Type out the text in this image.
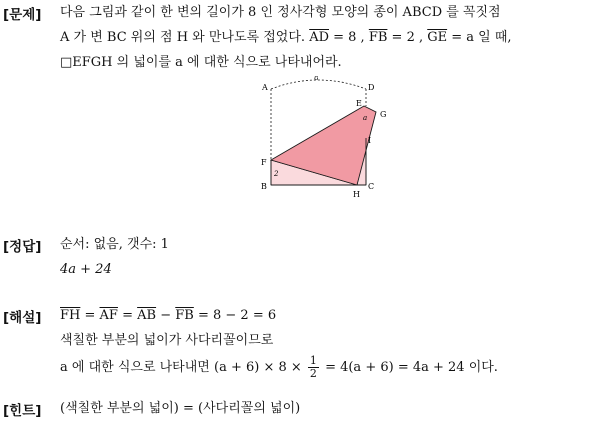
[문제] 다음 그림과 같이 한 변의 길이가 8 인 정사각형 모양의 종이 ABCD 를 꼭짓점
A 가 변 BC 위의 점 H 와 만나도록 접었다. $\overline{AD} = 8$ , $\overline{FB} = 2$ , $\overline{GE} = a$ 일 때,
□EFGH 의 넓이를 a 에 대한 식으로 나타내어라.
A	D
8
E
G
a
I
F
2
B
H
C
[정답] 순서: 없음, 갯수: 1
4a + 24
[해설] $\overline{FH} = \overline{AF} = \overline{AB} - \overline{FB} = 8 - 2 = 6$
색칠한 부분의 넓이가 사다리꼴이므로
a 에 대한 식으로 나타내면 $(a + 6) \times 8 \times \frac{1}{2} = 4(a + 6) = 4a + 24$ 이다.
[힌트] (색칠한 부분의 넓이) = (사다리꼴의 넓이)
